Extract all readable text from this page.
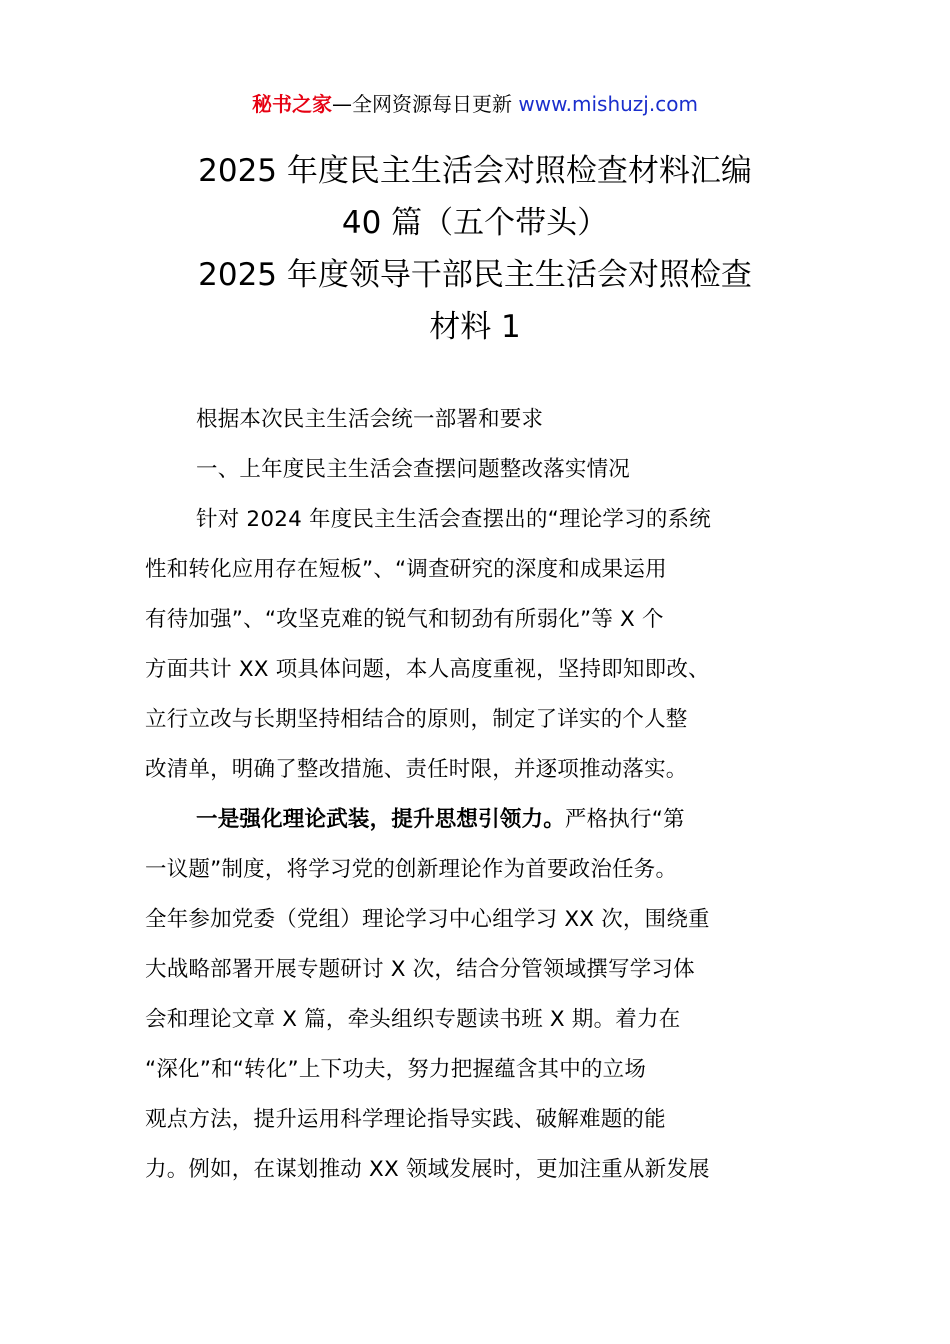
秘书之家—全网资源每日更新 www.mishuzj.com
2025 年度民主生活会对照检查材料汇编
40 篇（五个带头）
2025 年度领导干部民主生活会对照检查
材料 1

根据本次民主生活会统一部署和要求

一、上年度民主生活会查摆问题整改落实情况

针对 2024 年度民主生活会查摆出的“理论学习的系统
性和转化应用存在短板”、“调查研究的深度和成果运用
有待加强”、“攻坚克难的锐气和韧劲有所弱化”等 X 个
方面共计 XX 项具体问题，本人高度重视，坚持即知即改、
立行立改与长期坚持相结合的原则，制定了详实的个人整
改清单，明确了整改措施、责任时限，并逐项推动落实。

一是强化理论武装，提升思想引领力。严格执行“第
一议题”制度，将学习党的创新理论作为首要政治任务。
全年参加党委（党组）理论学习中心组学习 XX 次，围绕重
大战略部署开展专题研讨 X 次，结合分管领域撰写学习体
会和理论文章 X 篇，牵头组织专题读书班 X 期。着力在
“深化”和“转化”上下功夫，努力把握蕴含其中的立场
观点方法，提升运用科学理论指导实践、破解难题的能
力。例如，在谋划推动 XX 领域发展时，更加注重从新发展
